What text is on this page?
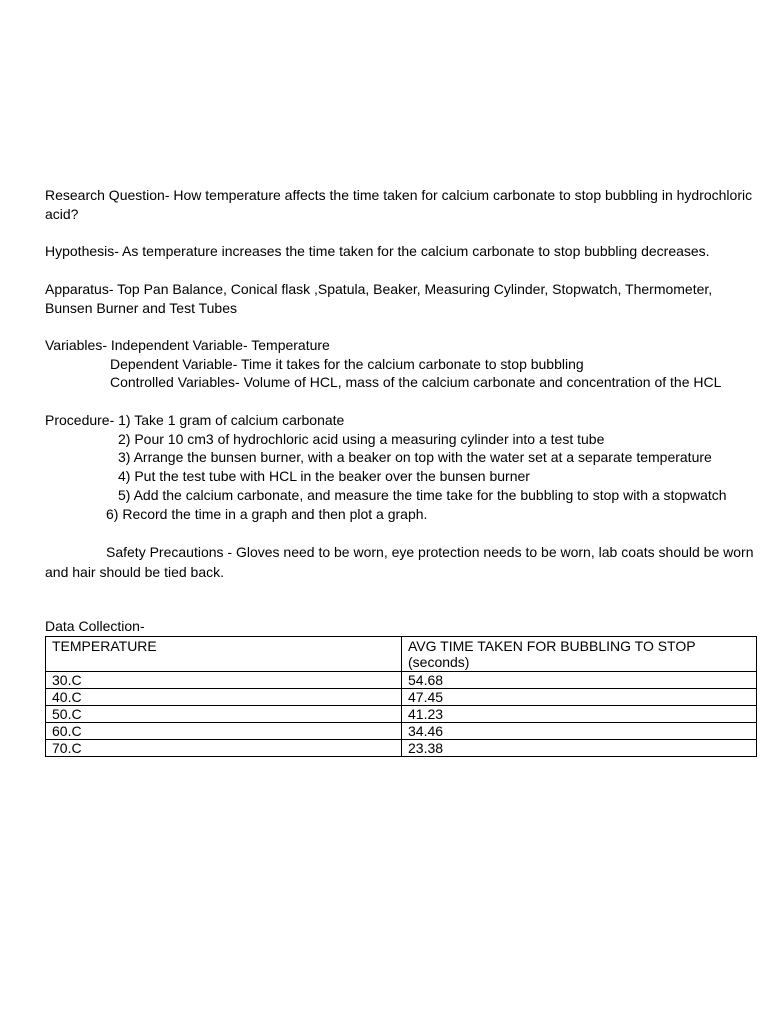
Research Question- How temperature affects the time taken for calcium carbonate to stop bubbling in hydrochloric
acid?
Hypothesis- As temperature increases the time taken for the calcium carbonate to stop bubbling decreases.
Apparatus- Top Pan Balance, Conical flask ,Spatula, Beaker, Measuring Cylinder, Stopwatch, Thermometer,
Bunsen Burner and Test Tubes
Variables- Independent Variable- Temperature
Dependent Variable- Time it takes for the calcium carbonate to stop bubbling
Controlled Variables- Volume of HCL, mass of the calcium carbonate and concentration of the HCL
Procedure- 1) Take 1 gram of calcium carbonate
2) Pour 10 cm3 of hydrochloric acid using a measuring cylinder into a test tube
3) Arrange the bunsen burner, with a beaker on top with the water set at a separate temperature
4) Put the test tube with HCL in the beaker over the bunsen burner
5) Add the calcium carbonate, and measure the time take for the bubbling to stop with a stopwatch
6) Record the time in a graph and then plot a graph.
Safety Precautions - Gloves need to be worn, eye protection needs to be worn, lab coats should be worn
and hair should be tied back.
Data Collection-
TEMPERATURE	AVG TIME TAKEN FOR BUBBLING TO STOP
(seconds)

30.C	54.68
40.C	47.45
50.C	41.23
60.C	34.46
70.C	23.38
